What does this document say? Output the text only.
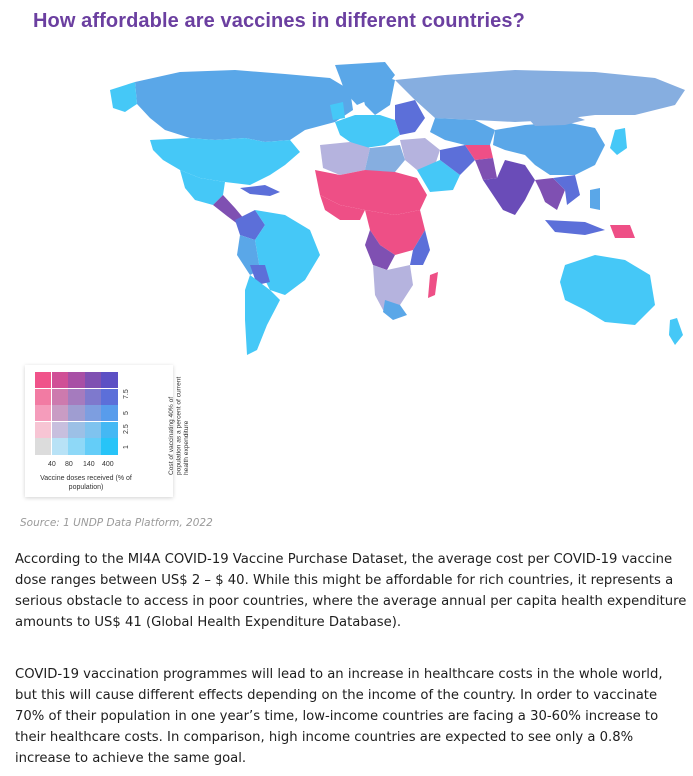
How affordable are vaccines in different countries?
1
2.5
5
7.5
40 80 140 400	Cost of vaccinating 40% of population as a percent of current health expenditure
Vaccine doses received (% of population)
Source: 1 UNDP Data Platform, 2022

According to the MI4A COVID-19 Vaccine Purchase Dataset, the average cost per COVID-19 vaccine dose ranges between US$ 2 – $ 40. While this might be affordable for rich countries, it represents a serious obstacle to access in poor countries, where the average annual per capita health expenditure amounts to US$ 41 (Global Health Expenditure Database).

COVID-19 vaccination programmes will lead to an increase in healthcare costs in the whole world, but this will cause different effects depending on the income of the country. In order to vaccinate 70% of their population in one year’s time, low-income countries are facing a 30-60% increase to their healthcare costs. In comparison, high income countries are expected to see only a 0.8% increase to achieve the same goal.
